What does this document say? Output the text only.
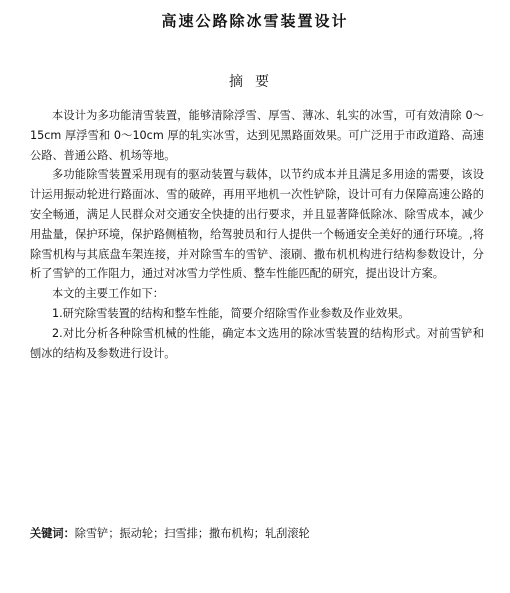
高速公路除冰雪装置设计
摘要

本设计为多功能清雪装置，能够清除浮雪、厚雪、薄冰、轧实的冰雪，可有效清除 0～15cm 厚浮雪和 0～10cm 厚的轧实冰雪，达到见黑路面效果。可广泛用于市政道路、高速公路、普通公路、机场等地。

多功能除雪装置采用现有的驱动装置与载体，以节约成本并且满足多用途的需要，该设计运用振动轮进行路面冰、雪的破碎，再用平地机一次性铲除，设计可有力保障高速公路的安全畅通，满足人民群众对交通安全快捷的出行要求，并且显著降低除冰、除雪成本，减少用盐量，保护环境，保护路侧植物，给驾驶员和行人提供一个畅通安全美好的通行环境。,将除雪机构与其底盘车架连接，并对除雪车的雪铲、滚刷、撒布机机构进行结构参数设计，分析了雪铲的工作阻力，通过对冰雪力学性质、整车性能匹配的研究，提出设计方案。

本文的主要工作如下：

1.研究除雪装置的结构和整车性能，简要介绍除雪作业参数及作业效果。

2.对比分析各种除雪机械的性能，确定本文选用的除冰雪装置的结构形式。对前雪铲和刨冰的结构及参数进行设计。

关键词：除雪铲；振动轮；扫雪排；撒布机构；轧刮滚轮
